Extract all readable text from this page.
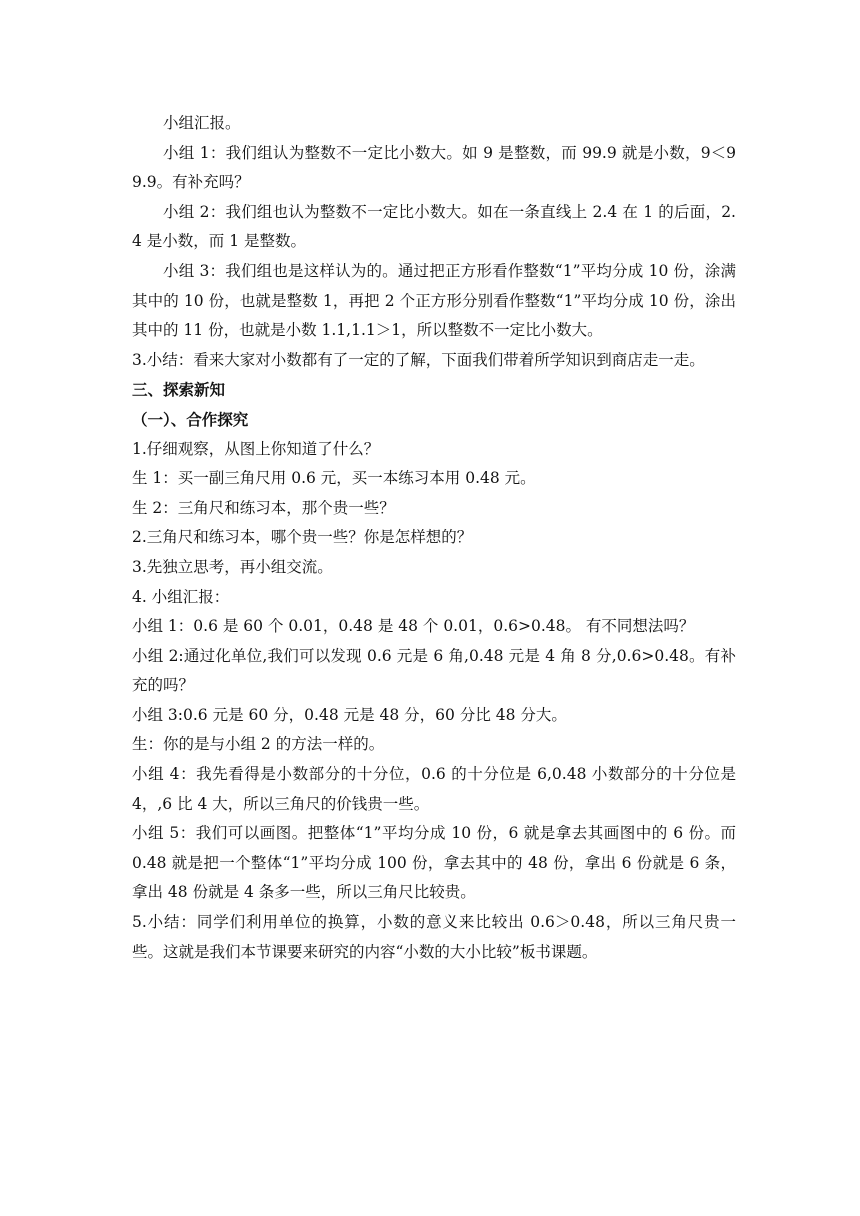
小组汇报。

小组 1：我们组认为整数不一定比小数大。如 9 是整数，而 99.9 就是小数，9＜99.9。有补充吗？

小组 2：我们组也认为整数不一定比小数大。如在一条直线上 2.4 在 1 的后面，2.4 是小数，而 1 是整数。

小组 3：我们组也是这样认为的。通过把正方形看作整数“1”平均分成 10 份，涂满其中的 10 份，也就是整数 1，再把 2 个正方形分别看作整数“1”平均分成 10 份，涂出其中的 11 份，也就是小数 1.1,1.1＞1，所以整数不一定比小数大。

3.小结：看来大家对小数都有了一定的了解，下面我们带着所学知识到商店走一走。

三、探索新知

（一）、合作探究

1.仔细观察，从图上你知道了什么？

生 1：买一副三角尺用 0.6 元，买一本练习本用 0.48 元。

生 2：三角尺和练习本，那个贵一些？

2.三角尺和练习本，哪个贵一些？你是怎样想的？

3.先独立思考，再小组交流。

4. 小组汇报：

小组 1：0.6 是 60 个 0.01，0.48 是 48 个 0.01，0.6>0.48。 有不同想法吗？

小组 2:通过化单位,我们可以发现 0.6 元是 6 角,0.48 元是 4 角 8 分,0.6>0.48。有补充的吗？

小组 3:0.6 元是 60 分，0.48 元是 48 分，60 分比 48 分大。

生：你的是与小组 2 的方法一样的。

小组 4：我先看得是小数部分的十分位，0.6 的十分位是 6,0.48 小数部分的十分位是 4，,6 比 4 大，所以三角尺的价钱贵一些。

小组 5：我们可以画图。把整体“1”平均分成 10 份，6 就是拿去其画图中的 6 份。而 0.48 就是把一个整体“1”平均分成 100 份，拿去其中的 48 份，拿出 6 份就是 6 条，拿出 48 份就是 4 条多一些，所以三角尺比较贵。

5.小结：同学们利用单位的换算，小数的意义来比较出 0.6＞0.48，所以三角尺贵一些。这就是我们本节课要来研究的内容“小数的大小比较”板书课题。
